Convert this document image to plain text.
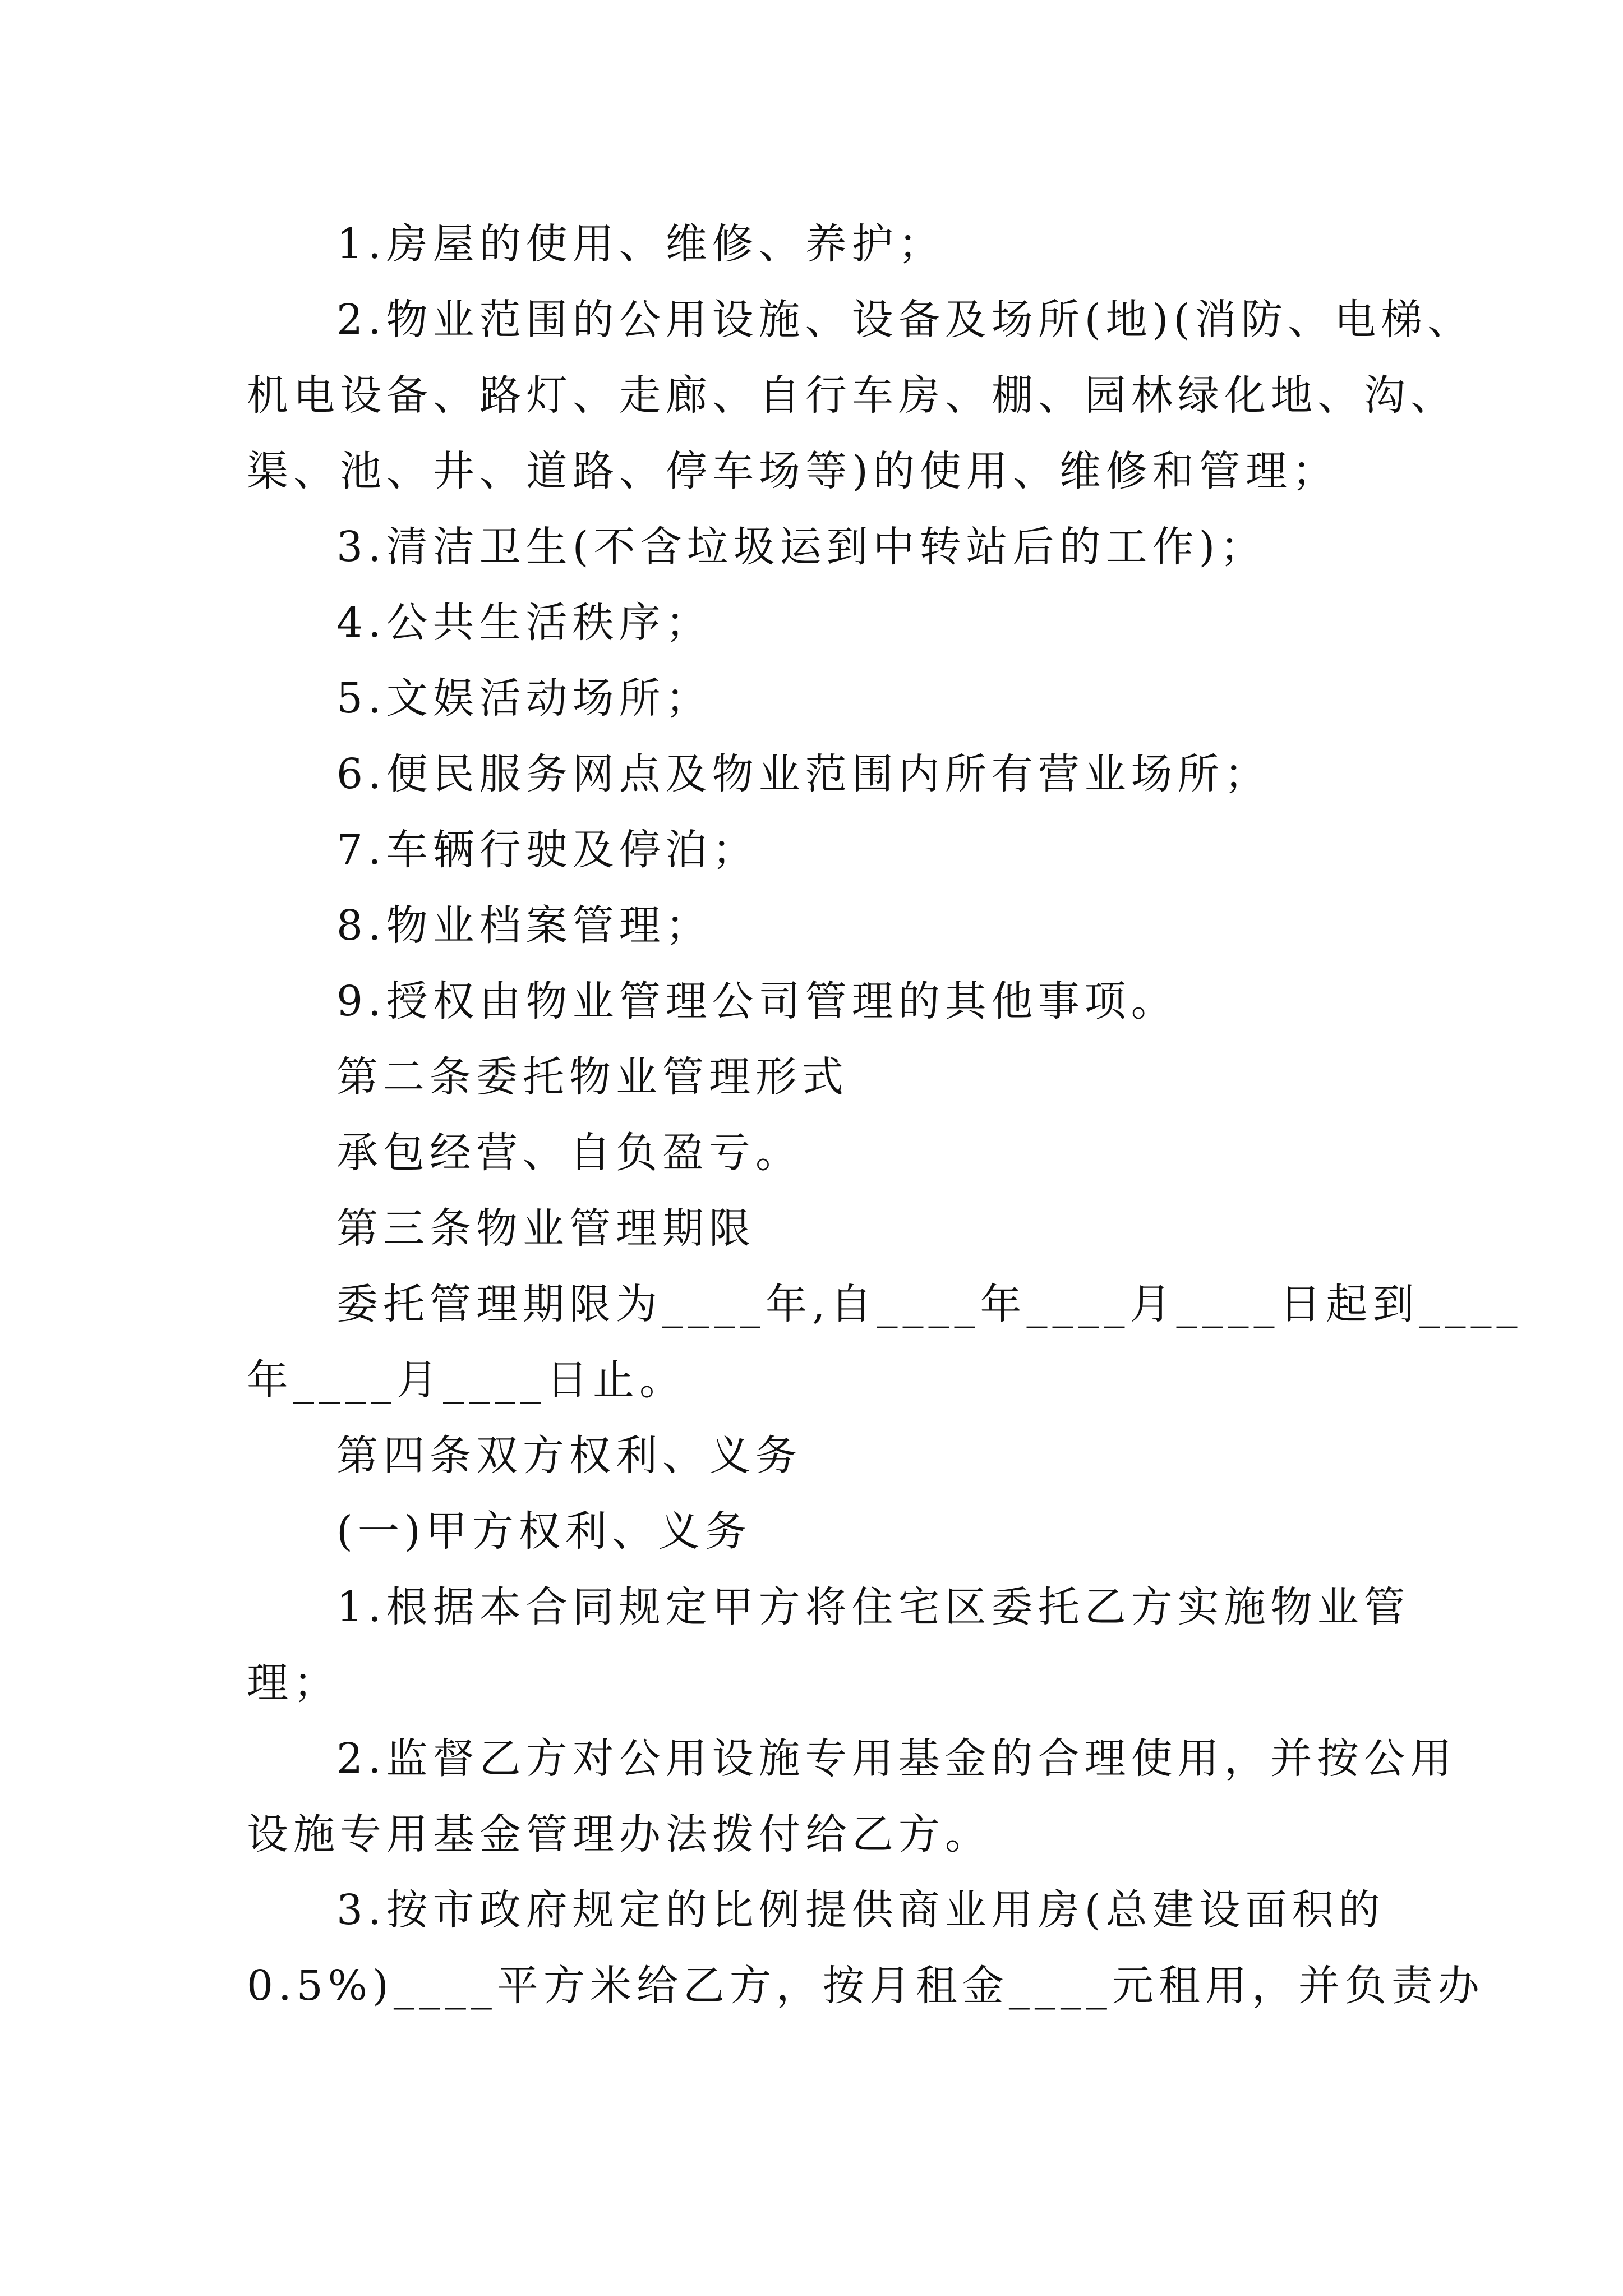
1.房屋的使用、维修、养护；
2.物业范围的公用设施、设备及场所(地)(消防、电梯、
机电设备、路灯、走廊、自行车房、棚、园林绿化地、沟、
渠、池、井、道路、停车场等)的使用、维修和管理；
3.清洁卫生(不含垃圾运到中转站后的工作)；
4.公共生活秩序；
5.文娱活动场所；
6.便民服务网点及物业范围内所有营业场所；
7.车辆行驶及停泊；
8.物业档案管理；
9.授权由物业管理公司管理的其他事项。
第二条委托物业管理形式
承包经营、自负盈亏。
第三条物业管理期限
委托管理期限为____年,自____年____月____日起到____
年____月____日止。
第四条双方权利、义务
(一)甲方权利、义务
1.根据本合同规定甲方将住宅区委托乙方实施物业管
理；
2.监督乙方对公用设施专用基金的合理使用，并按公用
设施专用基金管理办法拨付给乙方。
3.按市政府规定的比例提供商业用房(总建设面积的
0.5%)____平方米给乙方，按月租金____元租用，并负责办
